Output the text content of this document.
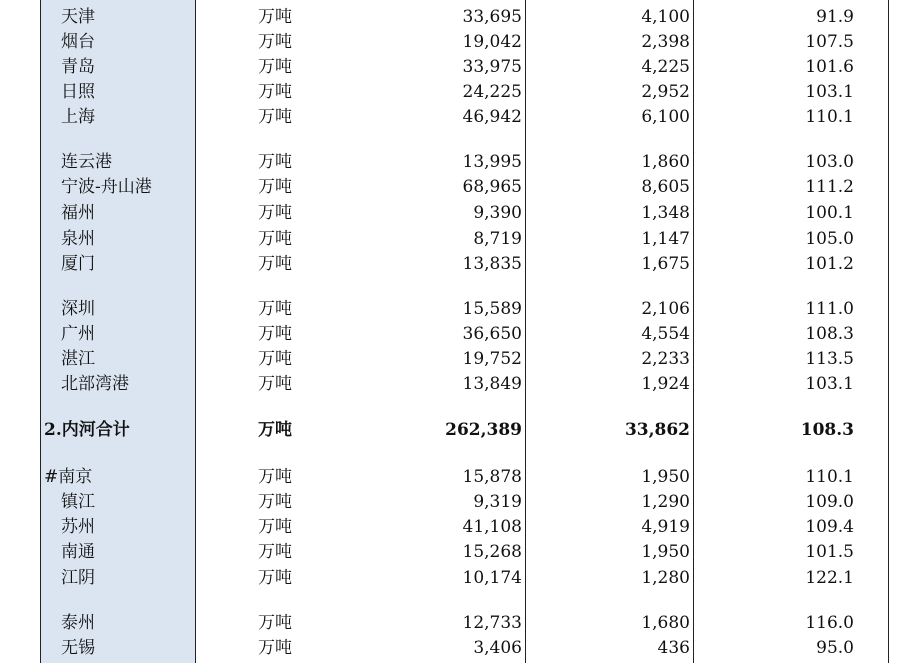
天津	万吨	33,695	4,100	91.9
烟台	万吨	19,042	2,398	107.5
青岛	万吨	33,975	4,225	101.6
日照	万吨	24,225	2,952	103.1
上海	万吨	46,942	6,100	110.1
连云港	万吨	13,995	1,860	103.0
宁波-舟山港	万吨	68,965	8,605	111.2
福州	万吨	9,390	1,348	100.1
泉州	万吨	8,719	1,147	105.0
厦门	万吨	13,835	1,675	101.2
深圳	万吨	15,589	2,106	111.0
广州	万吨	36,650	4,554	108.3
湛江	万吨	19,752	2,233	113.5
北部湾港	万吨	13,849	1,924	103.1
2.内河合计	万吨	262,389	33,862	108.3
#南京	万吨	15,878	1,950	110.1
镇江	万吨	9,319	1,290	109.0
苏州	万吨	41,108	4,919	109.4
南通	万吨	15,268	1,950	101.5
江阴	万吨	10,174	1,280	122.1
泰州	万吨	12,733	1,680	116.0
无锡	万吨	3,406	436	95.0
